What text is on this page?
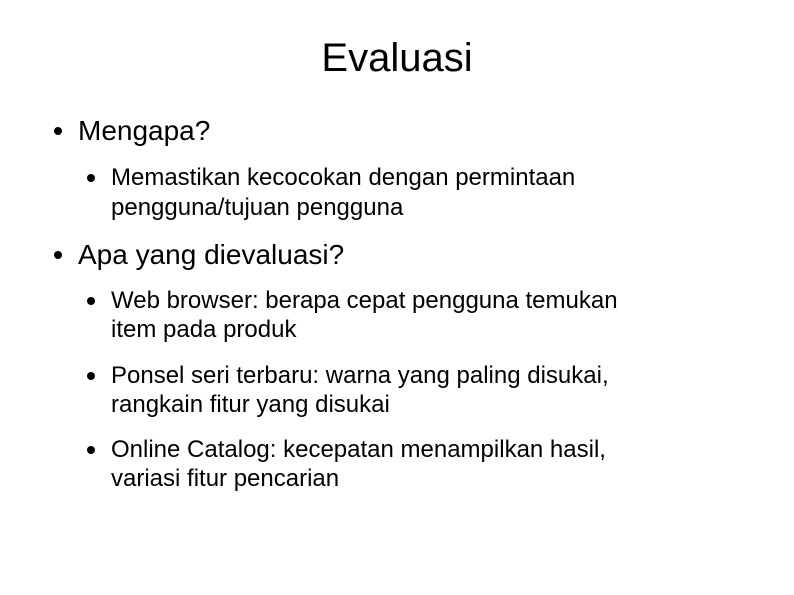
Evaluasi
Mengapa?
Memastikan kecocokan dengan permintaan
pengguna/tujuan pengguna
Apa yang dievaluasi?
Web browser: berapa cepat pengguna temukan
item pada produk
Ponsel seri terbaru: warna yang paling disukai,
rangkain fitur yang disukai
Online Catalog: kecepatan menampilkan hasil,
variasi fitur pencarian
